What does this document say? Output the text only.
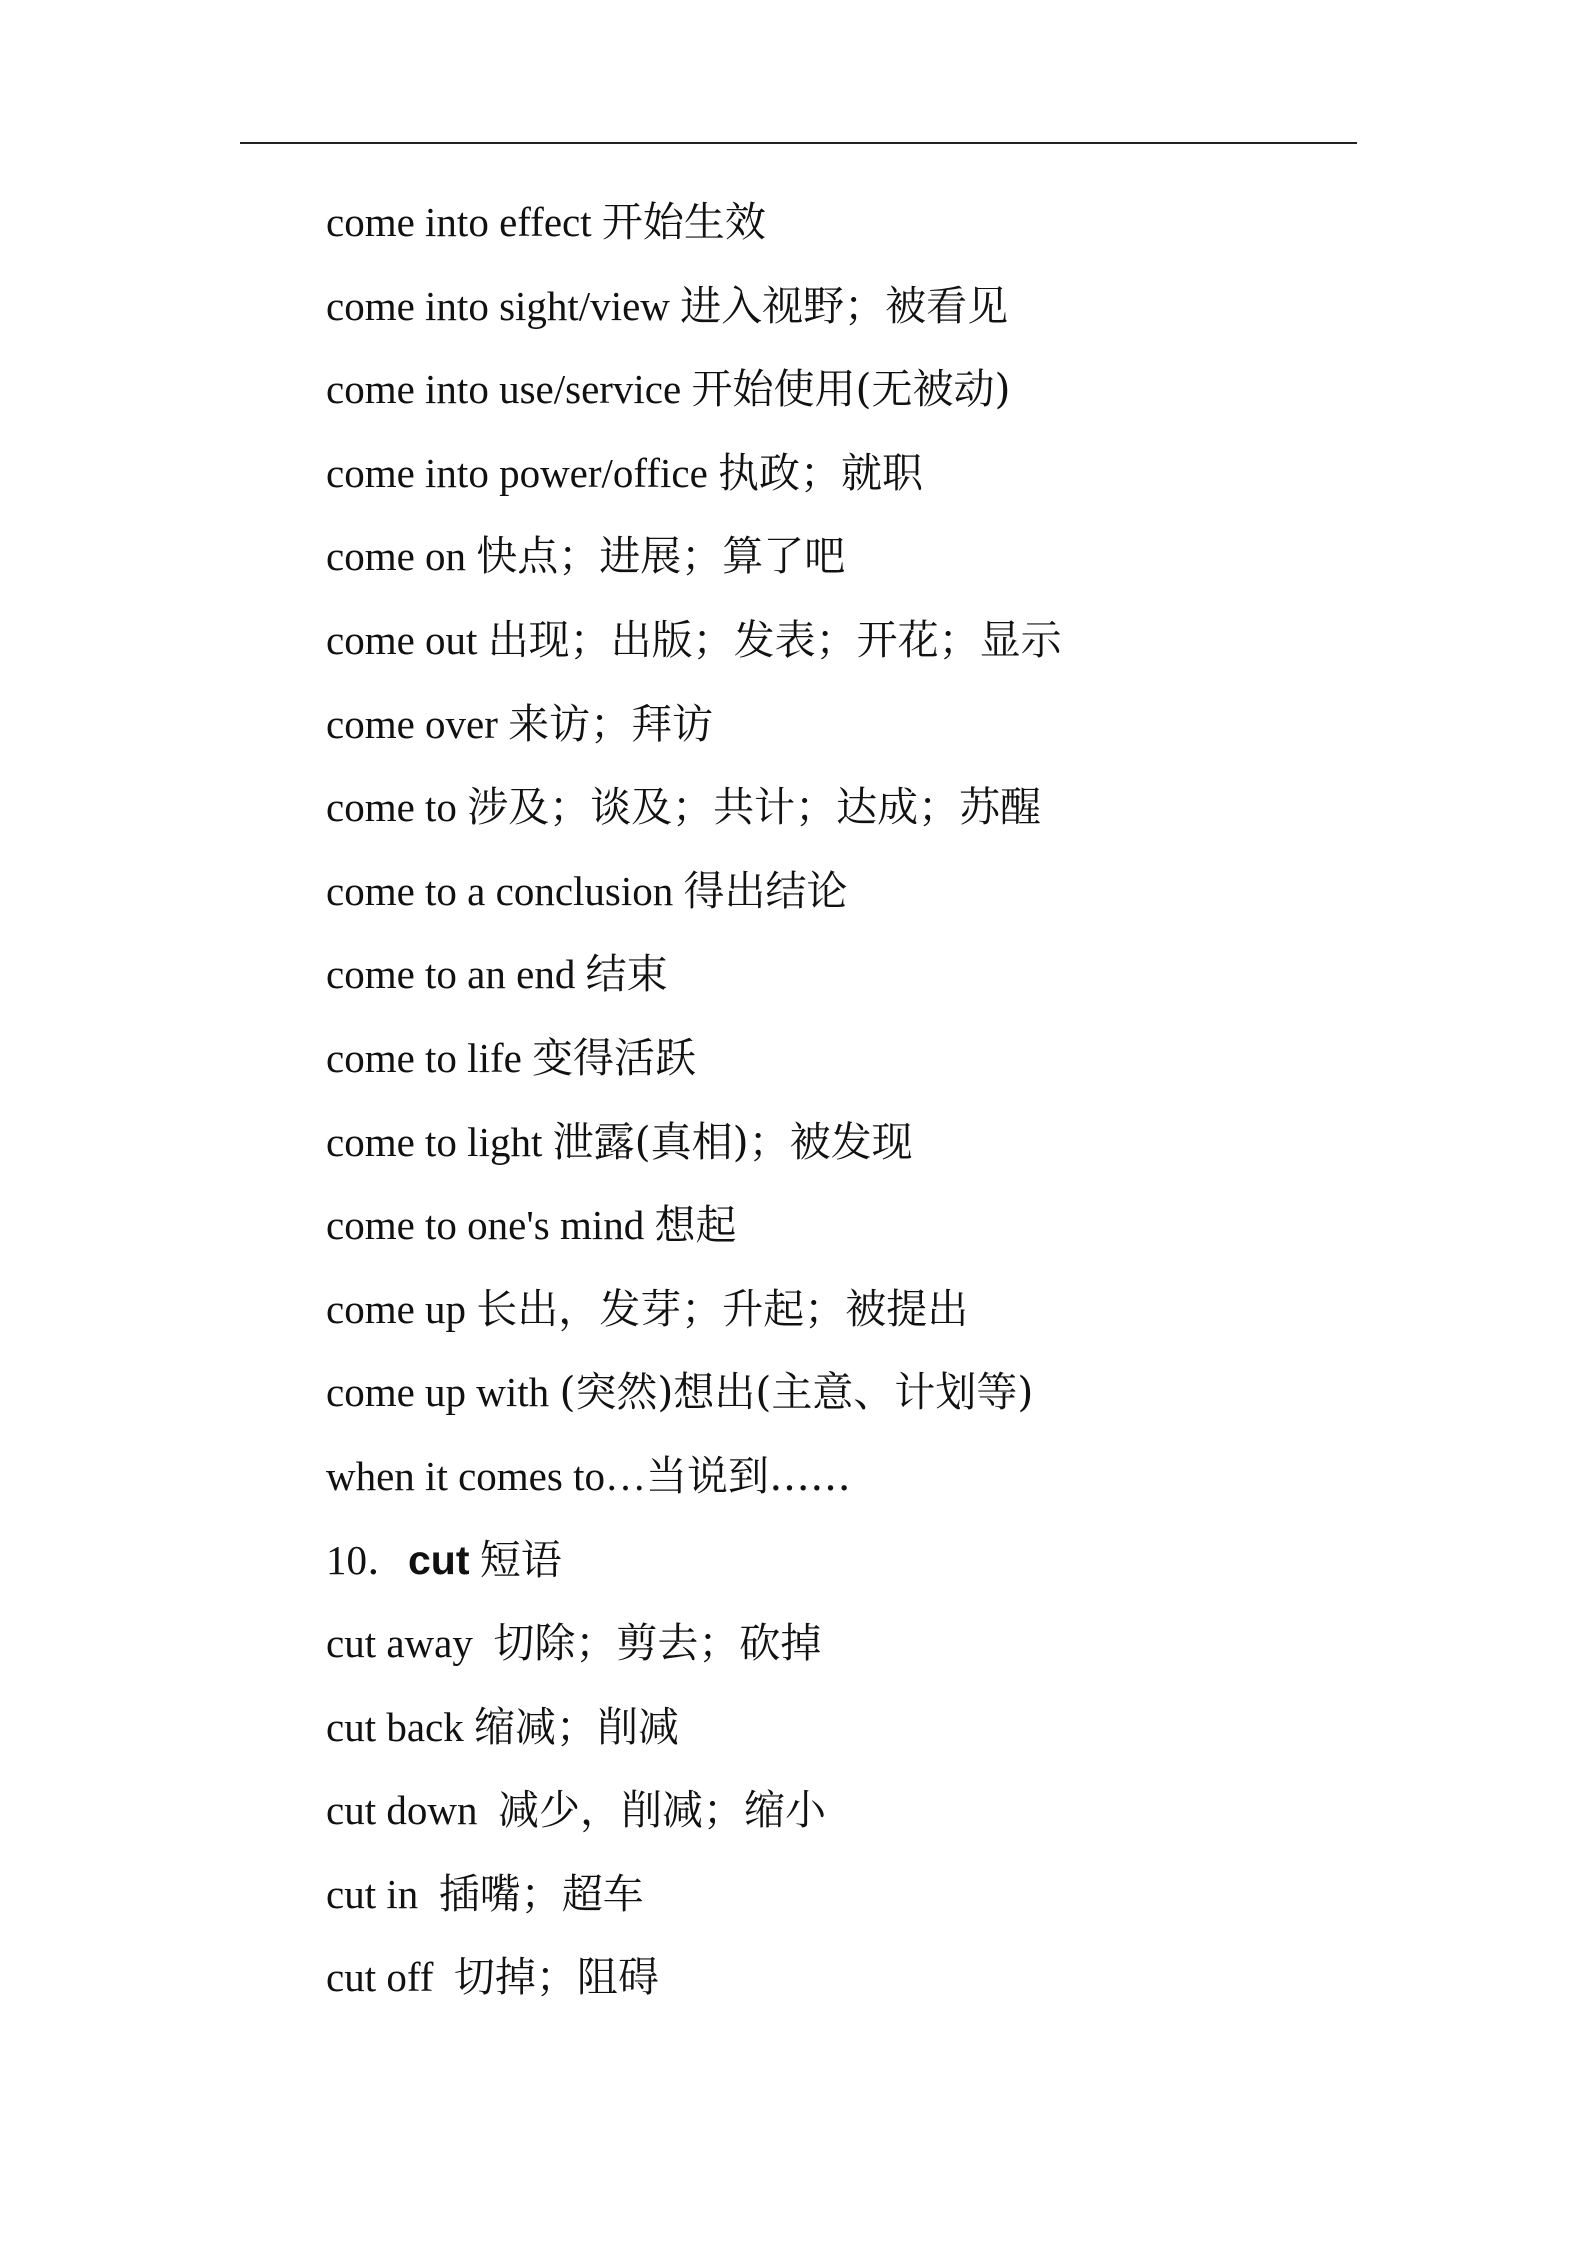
come into effect 开始生效
come into sight/view 进入视野；被看见
come into use/service 开始使用(无被动)
come into power/office 执政；就职
come on 快点；进展；算了吧
come out 出现；出版；发表；开花；显示
come over 来访；拜访
come to 涉及；谈及；共计；达成；苏醒
come to a conclusion 得出结论
come to an end 结束
come to life 变得活跃
come to light 泄露(真相)；被发现
come to one's mind 想起
come up 长出，发芽；升起；被提出
come up with (突然)想出(主意、计划等)
when it comes to…当说到……
10．cut 短语
cut away 切除；剪去；砍掉
cut back 缩减；削减
cut down 减少，削减；缩小
cut in 插嘴；超车
cut off 切掉；阻碍
